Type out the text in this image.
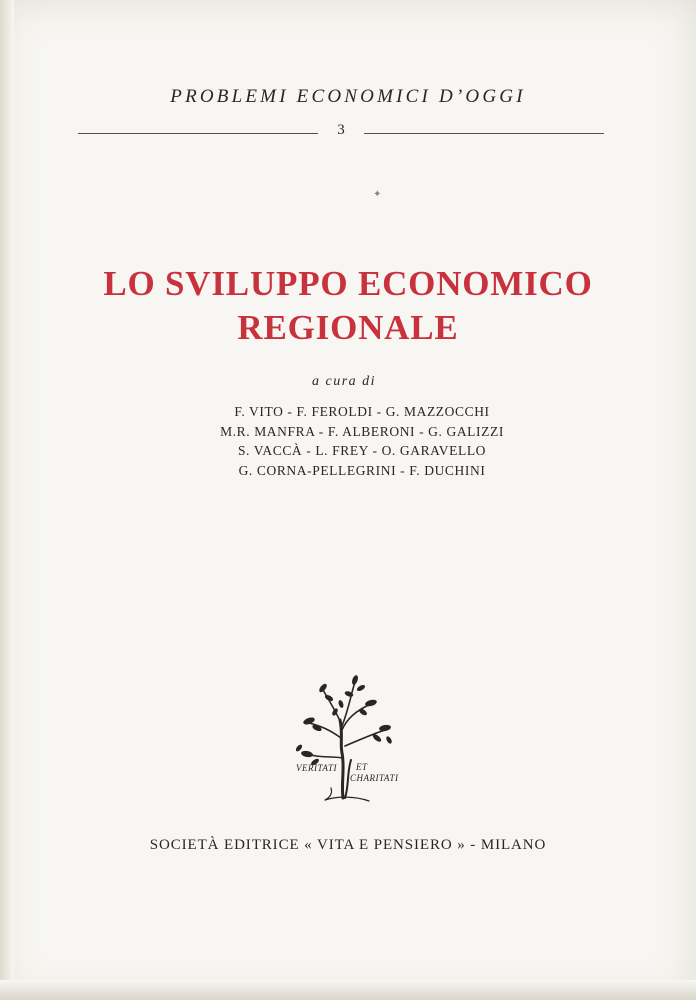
PROBLEMI ECONOMICI D’OGGI
3
✦
LO SVILUPPO ECONOMICO
REGIONALE
a cura di
F. VITO - F. FEROLDI - G. MAZZOCCHI
M.R. MANFRA - F. ALBERONI - G. GALIZZI
S. VACCÀ - L. FREY - O. GARAVELLO
G. CORNA-PELLEGRINI - F. DUCHINI
VERITATI ET
CHARITATI
SOCIETÀ EDITRICE « VITA E PENSIERO » - MILANO
